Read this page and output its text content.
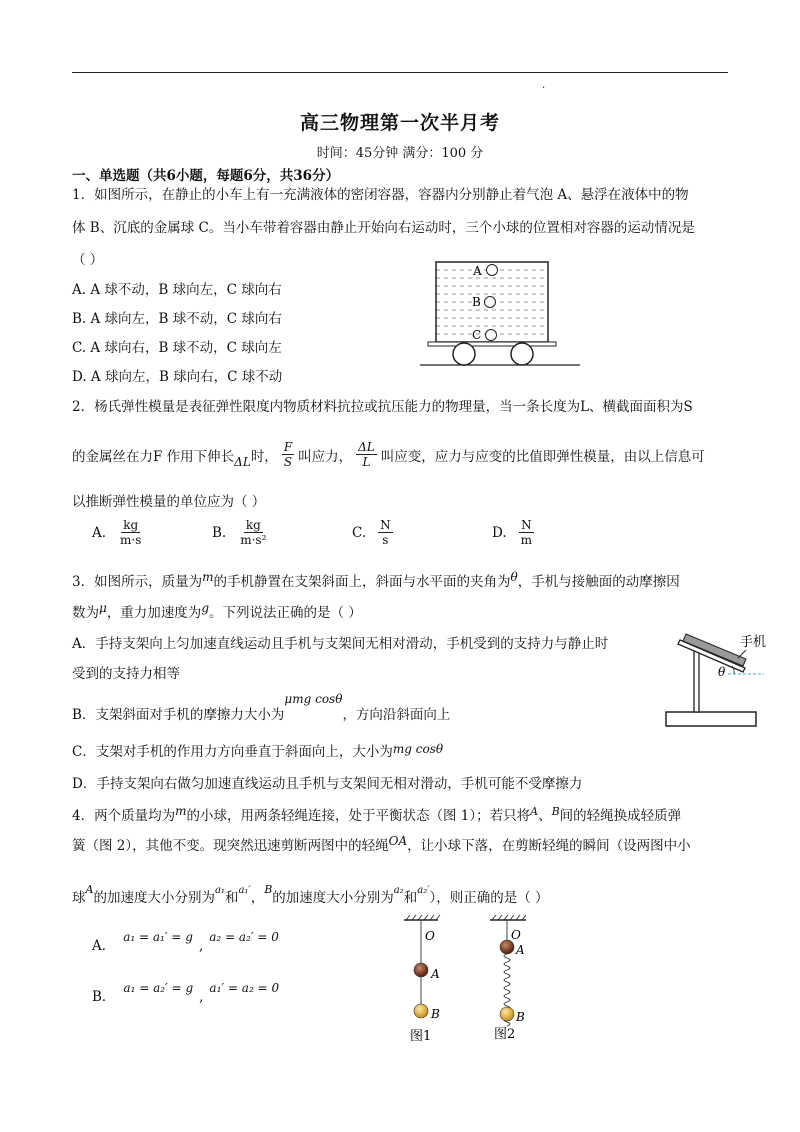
.
高三物理第一次半月考
时间：45分钟 满分：100 分
一、单选题（共6小题，每题6分，共36分）
1．如图所示，在静止的小车上有一充满液体的密闭容器，容器内分别静止着气泡 A、悬浮在液体中的物
体 B、沉底的金属球 C。当小车带着容器由静止开始向右运动时，三个小球的位置相对容器的运动情况是
（ ）
A. A 球不动，B 球向左，C 球向右
B. A 球向左，B 球不动，C 球向右
C. A 球向右，B 球不动，C 球向左
D. A 球向左，B 球向右，C 球不动
A
B
C
2．杨氏弹性模量是表征弹性限度内物质材料抗拉或抗压能力的物理量，当一条长度为L、横截面面积为S
的金属丝在力F 作用下伸长 ΔL 时， $\frac{F}{S}$ 叫应力， $\frac{\Delta L}{L}$ 叫应变，应力与应变的比值即弹性模量，由以上信息可
以推断弹性模量的单位应为（ ）
A. $\frac{kg}{m\cdot s}$	B. $\frac{kg}{\text{m·s²}}$	C. $\frac{N}{s}$	D. $\frac{N}{m}$
3．如图所示，质量为m的手机静置在支架斜面上，斜面与水平面的夹角为θ，手机与接触面的动摩擦因
数为μ，重力加速度为g。下列说法正确的是（ ）
A．手持支架向上匀加速直线运动且手机与支架间无相对滑动，手机受到的支持力与静止时
受到的支持力相等
B．支架斜面对手机的摩擦力大小为μmg cosθ，方向沿斜面向上
C．支架对手机的作用力方向垂直于斜面向上，大小为mg cosθ
D．手持支架向右做匀加速直线运动且手机与支架间无相对滑动，手机可能不受摩擦力
手机
θ
4．两个质量均为m的小球，用两条轻绳连接，处于平衡状态（图 1）；若只将$^A$、$^B$间的轻绳换成轻质弹
簧（图 2），其他不变。现突然迅速剪断两图中的轻绳OA，让小球下落，在剪断轻绳的瞬间（设两图中小
球$^A$的加速度大小分别为$^{a_1}$和$^{a_1'}$，$^B$的加速度大小分别为$^{a_2}$和$^{a_2'}$），则正确的是（ ）
A．a₁ = a₁′ = g,a₂ = a₂′ = 0
B．a₁ = a₂′ = g,a₁′ = a₂ = 0
O
A
B
图1
O
A
B
图2
